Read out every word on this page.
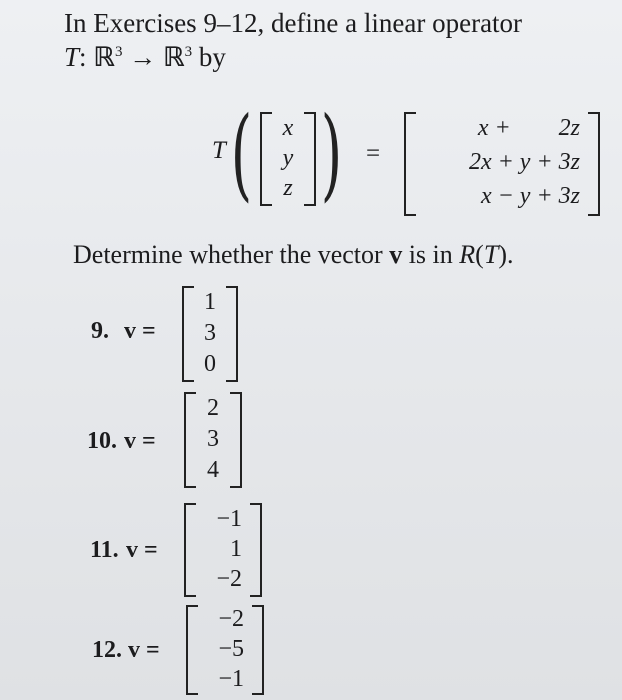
In Exercises 9–12, define a linear operator
T: ℝ$^3$ → ℝ$^3$ by
T (	x
y
z ) =
x +        2z
2x + y + 3z
x − y + 3z
Determine whether the vector v is in R(T).
9. v =
1
3
0
10. v =
2
3
4
11. v =
−1
1
−2
12. v =
−2
−5
−1
